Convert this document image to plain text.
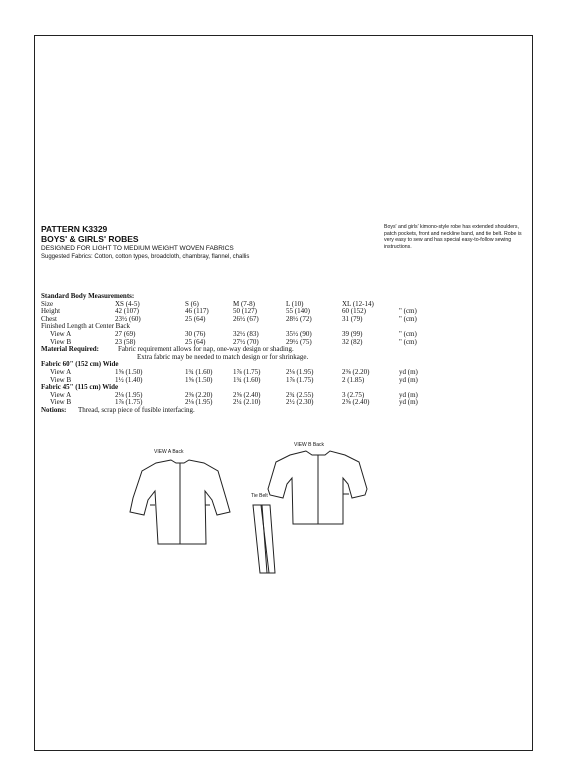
PATTERN K3329
BOYS' & GIRLS' ROBES
DESIGNED FOR LIGHT TO MEDIUM WEIGHT WOVEN FABRICS
Suggested Fabrics: Cotton, cotton types, broadcloth, chambray, flannel, challis
Boys' and girls' kimono-style robe has extended shoulders, patch pockets, front and neckline band, and tie belt. Robe is very easy to sew and has special easy-to-follow sewing instructions.
Standard Body Measurements:
Size	XS (4-5)	S (6)	M (7-8)	L (10)	XL (12-14)
Height	42 (107)	46 (117)	50 (127)	55 (140)	60 (152)	" (cm)
Chest	23½ (60)	25 (64)	26½ (67)	28½ (72)	31 (79)	" (cm)
Finished Length at Center Back
View A	27 (69)	30 (76)	32½ (83)	35½ (90)	39 (99)	" (cm)
View B	23 (58)	25 (64)	27½ (70)	29½ (75)	32 (82)	" (cm)
Material Required:	Fabric requirement allows for nap, one-way design or shading.
Extra fabric may be needed to match design or for shrinkage.
Fabric 60" (152 cm) Wide
View A	1⅝ (1.50)	1¾ (1.60)	1⅞ (1.75)	2⅛ (1.95)	2⅜ (2.20)	yd (m)
View B	1½ (1.40)	1⅝ (1.50)	1¾ (1.60)	1⅞ (1.75)	2 (1.85)	yd (m)
Fabric 45" (115 cm) Wide
View A	2⅛ (1.95)	2⅜ (2.20)	2⅝ (2.40)	2¾ (2.55)	3 (2.75)	yd (m)
View B	1⅞ (1.75)	2⅛ (1.95)	2¼ (2.10)	2½ (2.30)	2⅝ (2.40)	yd (m)
Notions: Thread, scrap piece of fusible interfacing.
VIEW A Back
VIEW B Back
Tie Belt
